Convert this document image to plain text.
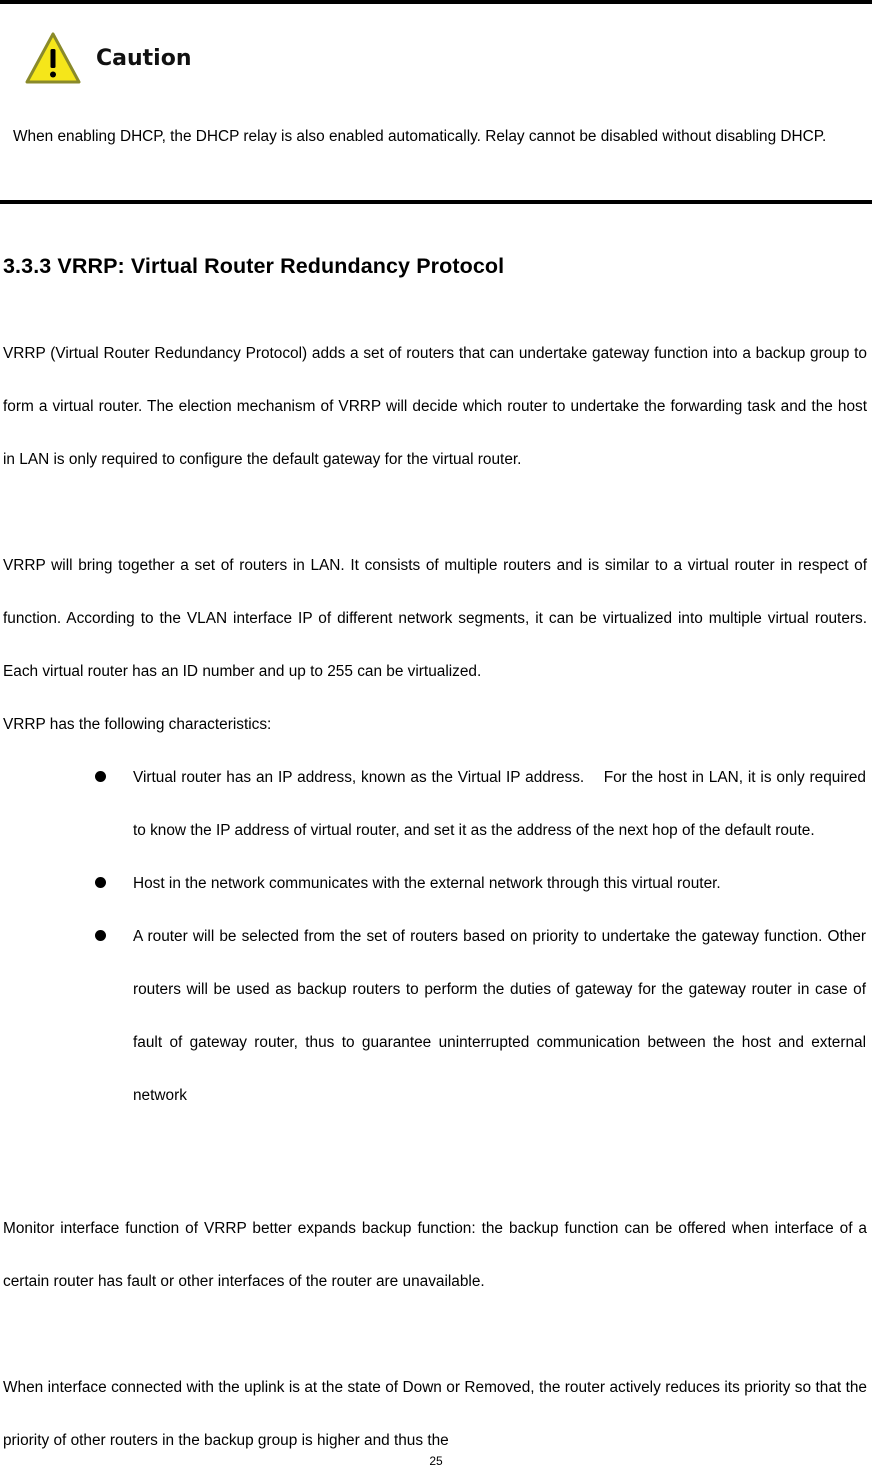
Caution

When enabling DHCP, the DHCP relay is also enabled automatically. Relay cannot be disabled without disabling DHCP.

3.3.3 VRRP: Virtual Router Redundancy Protocol

VRRP (Virtual Router Redundancy Protocol) adds a set of routers that can undertake gateway function into a backup group to form a virtual router. The election mechanism of VRRP will decide which router to undertake the forwarding task and the host in LAN is only required to configure the default gateway for the virtual router.

VRRP will bring together a set of routers in LAN. It consists of multiple routers and is similar to a virtual router in respect of function. According to the VLAN interface IP of different network segments, it can be virtualized into multiple virtual routers. Each virtual router has an ID number and up to 255 can be virtualized.

VRRP has the following characteristics:

Virtual router has an IP address, known as the Virtual IP address.    For the host in LAN, it is only required to know the IP address of virtual router, and set it as the address of the next hop of the default route.

Host in the network communicates with the external network through this virtual router.

A router will be selected from the set of routers based on priority to undertake the gateway function. Other routers will be used as backup routers to perform the duties of gateway for the gateway router in case of fault of gateway router, thus to guarantee uninterrupted communication between the host and external network

Monitor interface function of VRRP better expands backup function: the backup function can be offered when interface of a certain router has fault or other interfaces of the router are unavailable.

When interface connected with the uplink is at the state of Down or Removed, the router actively reduces its priority so that the priority of other routers in the backup group is higher and thus the

25
